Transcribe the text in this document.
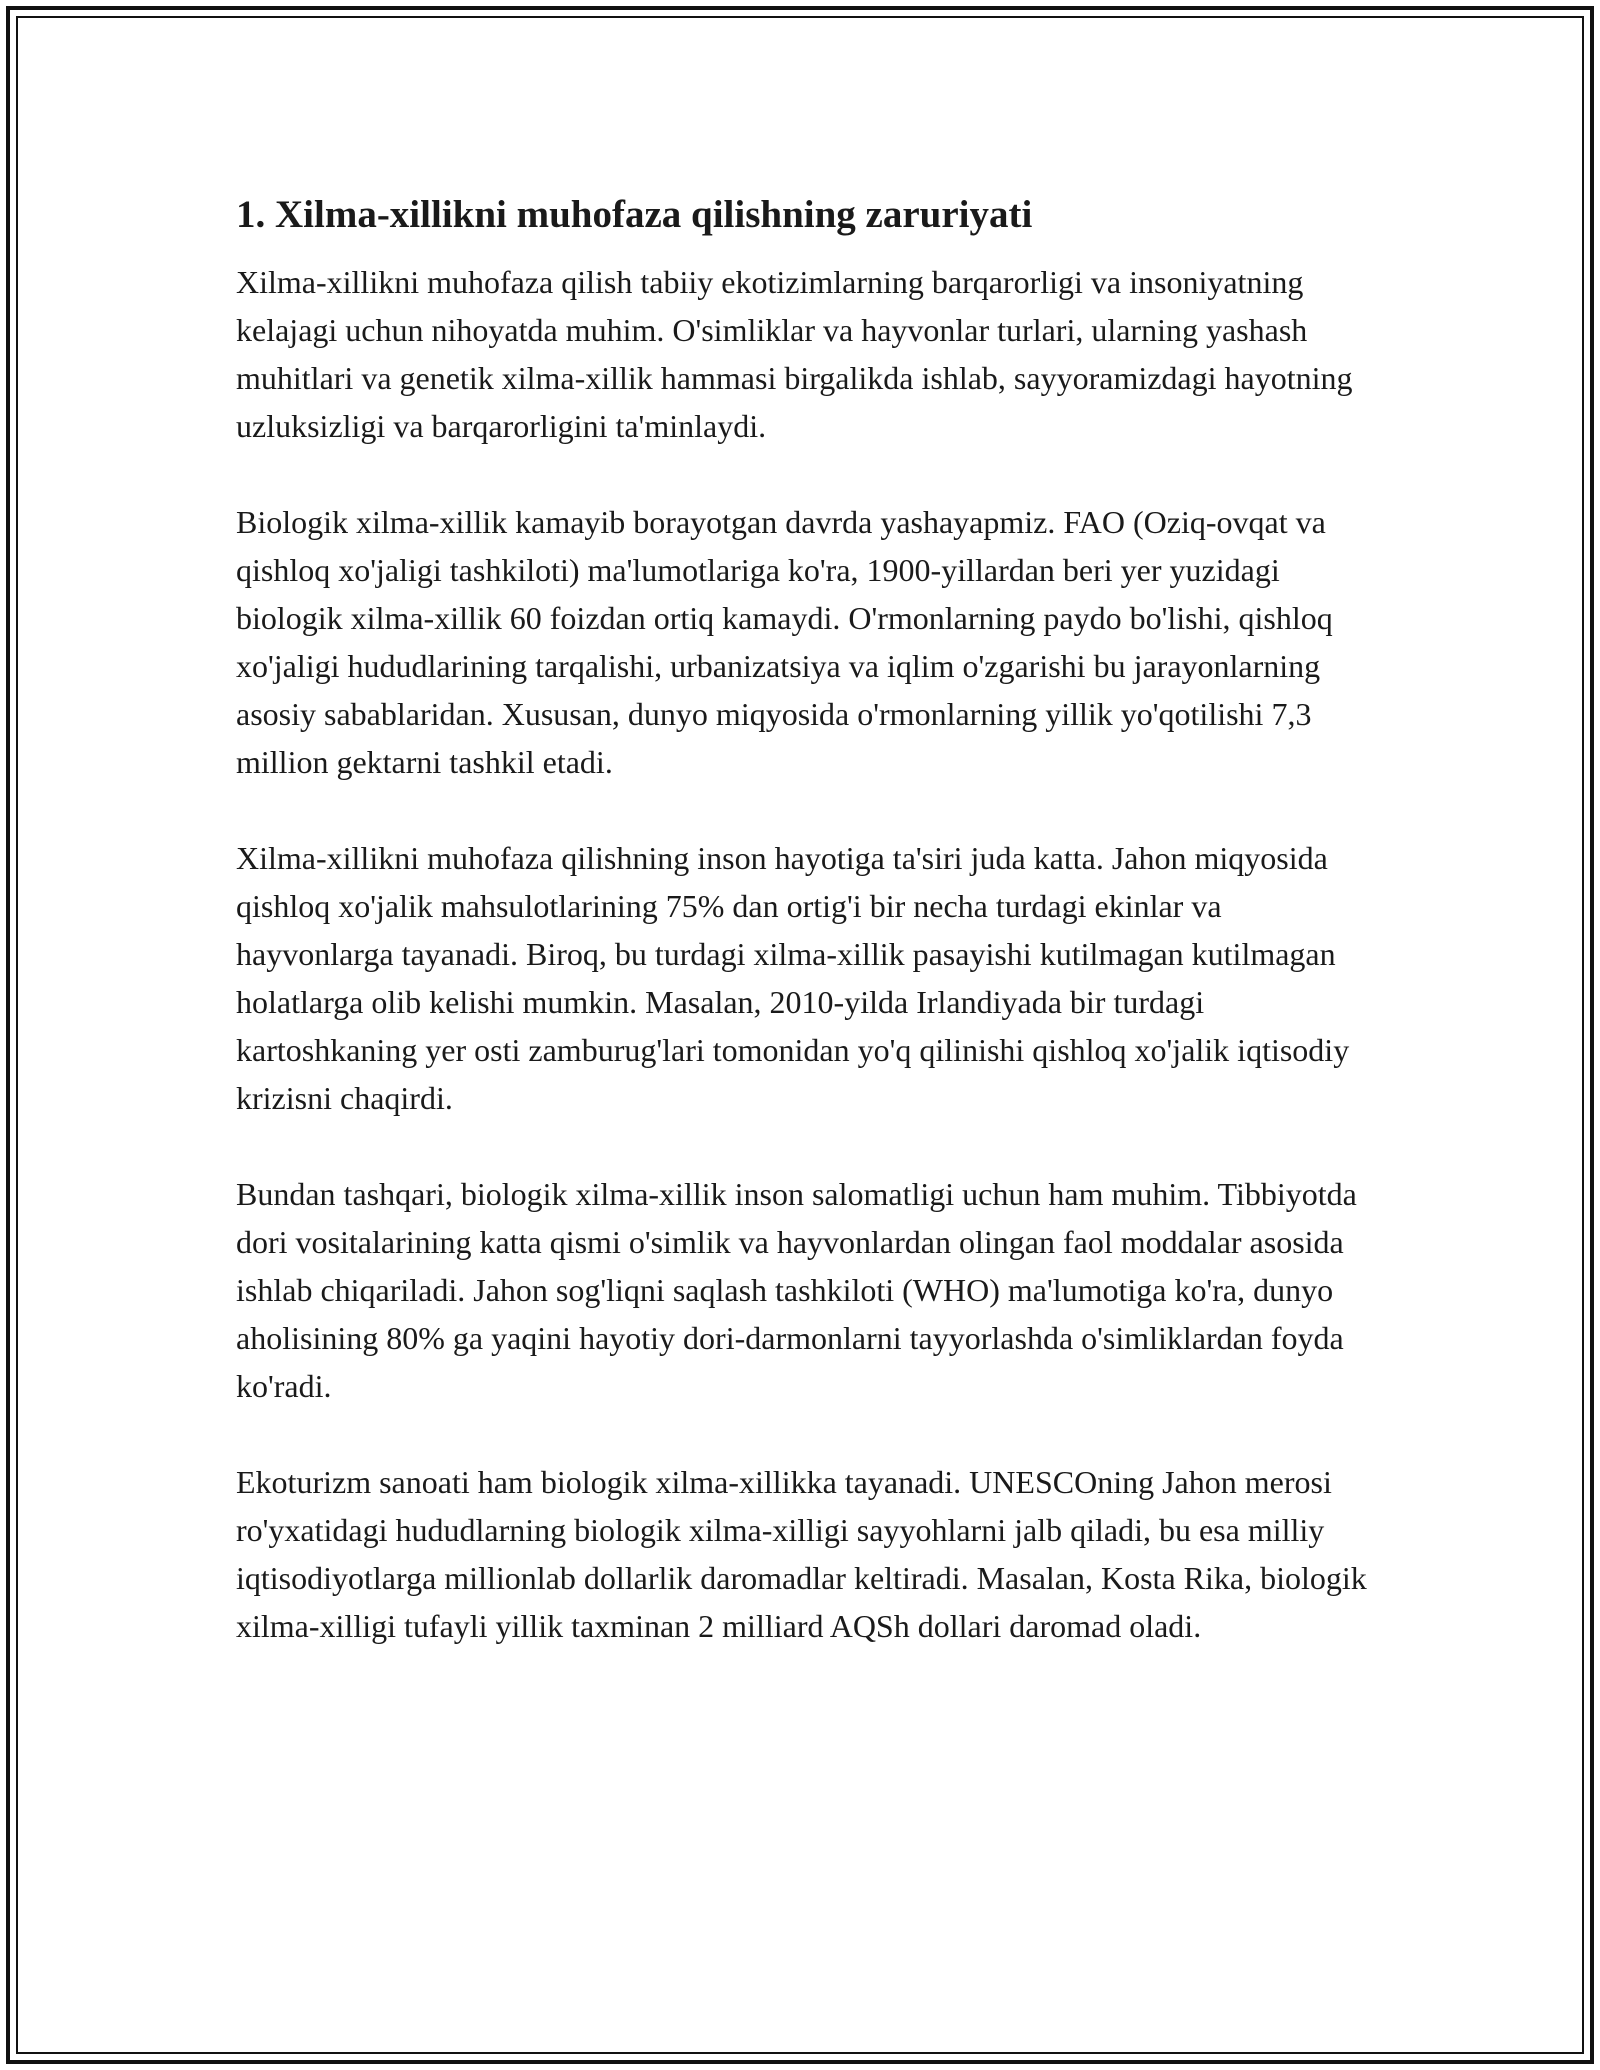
1. Xilma-xillikni muhofaza qilishning zaruriyati

Xilma-xillikni muhofaza qilish tabiiy ekotizimlarning barqarorligi va insoniyatning kelajagi uchun nihoyatda muhim. O'simliklar va hayvonlar turlari, ularning yashash muhitlari va genetik xilma-xillik hammasi birgalikda ishlab, sayyoramizdagi hayotning uzluksizligi va barqarorligini ta'minlaydi.

Biologik xilma-xillik kamayib borayotgan davrda yashayapmiz. FAO (Oziq-ovqat va qishloq xo'jaligi tashkiloti) ma'lumotlariga ko'ra, 1900-yillardan beri yer yuzidagi biologik xilma-xillik 60 foizdan ortiq kamaydi. O'rmonlarning paydo bo'lishi, qishloq xo'jaligi hududlarining tarqalishi, urbanizatsiya va iqlim o'zgarishi bu jarayonlarning asosiy sabablaridan. Xususan, dunyo miqyosida o'rmonlarning yillik yo'qotilishi 7,3 million gektarni tashkil etadi.

Xilma-xillikni muhofaza qilishning inson hayotiga ta'siri juda katta. Jahon miqyosida qishloq xo'jalik mahsulotlarining 75% dan ortig'i bir necha turdagi ekinlar va hayvonlarga tayanadi. Biroq, bu turdagi xilma-xillik pasayishi kutilmagan kutilmagan holatlarga olib kelishi mumkin. Masalan, 2010-yilda Irlandiyada bir turdagi kartoshkaning yer osti zamburug'lari tomonidan yo'q qilinishi qishloq xo'jalik iqtisodiy krizisni chaqirdi.

Bundan tashqari, biologik xilma-xillik inson salomatligi uchun ham muhim. Tibbiyotda dori vositalarining katta qismi o'simlik va hayvonlardan olingan faol moddalar asosida ishlab chiqariladi. Jahon sog'liqni saqlash tashkiloti (WHO) ma'lumotiga ko'ra, dunyo aholisining 80% ga yaqini hayotiy dori-darmonlarni tayyorlashda o'simliklardan foyda ko'radi.

Ekoturizm sanoati ham biologik xilma-xillikka tayanadi. UNESCOning Jahon merosi ro'yxatidagi hududlarning biologik xilma-xilligi sayyohlarni jalb qiladi, bu esa milliy iqtisodiyotlarga millionlab dollarlik daromadlar keltiradi. Masalan, Kosta Rika, biologik xilma-xilligi tufayli yillik taxminan 2 milliard AQSh dollari daromad oladi.
